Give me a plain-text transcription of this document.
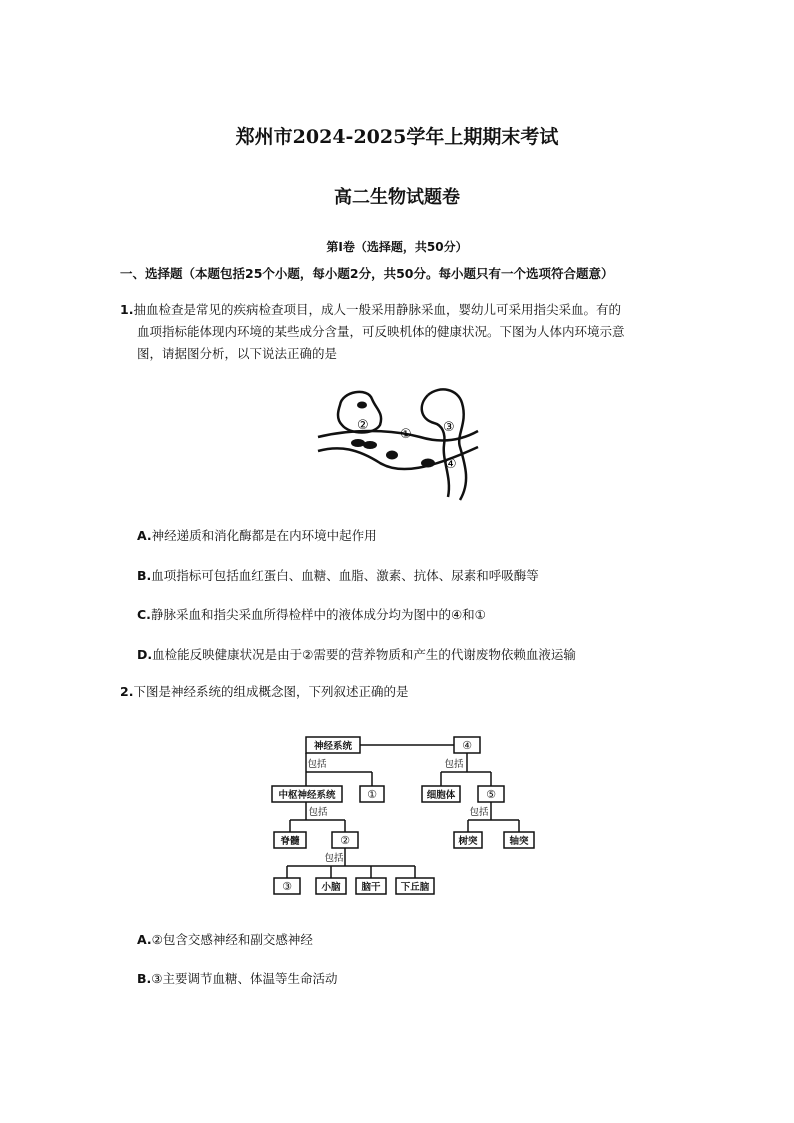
郑州市2024-2025学年上期期末考试
高二生物试题卷
第Ⅰ卷（选择题，共50分）
一、选择题（本题包括25个小题，每小题2分，共50分。每小题只有一个选项符合题意）
1.抽血检查是常见的疾病检查项目，成人一般采用静脉采血，婴幼儿可采用指尖采血。有的
血项指标能体现内环境的某些成分含量，可反映机体的健康状况。下图为人体内环境示意
图，请据图分析，以下说法正确的是
②
① ③
④
A.神经递质和消化酶都是在内环境中起作用
B.血项指标可包括血红蛋白、血糖、血脂、激素、抗体、尿素和呼吸酶等
C.静脉采血和指尖采血所得检样中的液体成分均为图中的④和①
D.血检能反映健康状况是由于②需要的营养物质和产生的代谢废物依赖血液运输
2.下图是神经系统的组成概念图，下列叙述正确的是
神经系统	④
包括	包括
中枢神经系统	①	细胞体	⑤
包括	包括
脊髓	②	树突	轴突
包括
③	小脑 脑干 下丘脑
A.②包含交感神经和副交感神经
B.③主要调节血糖、体温等生命活动
